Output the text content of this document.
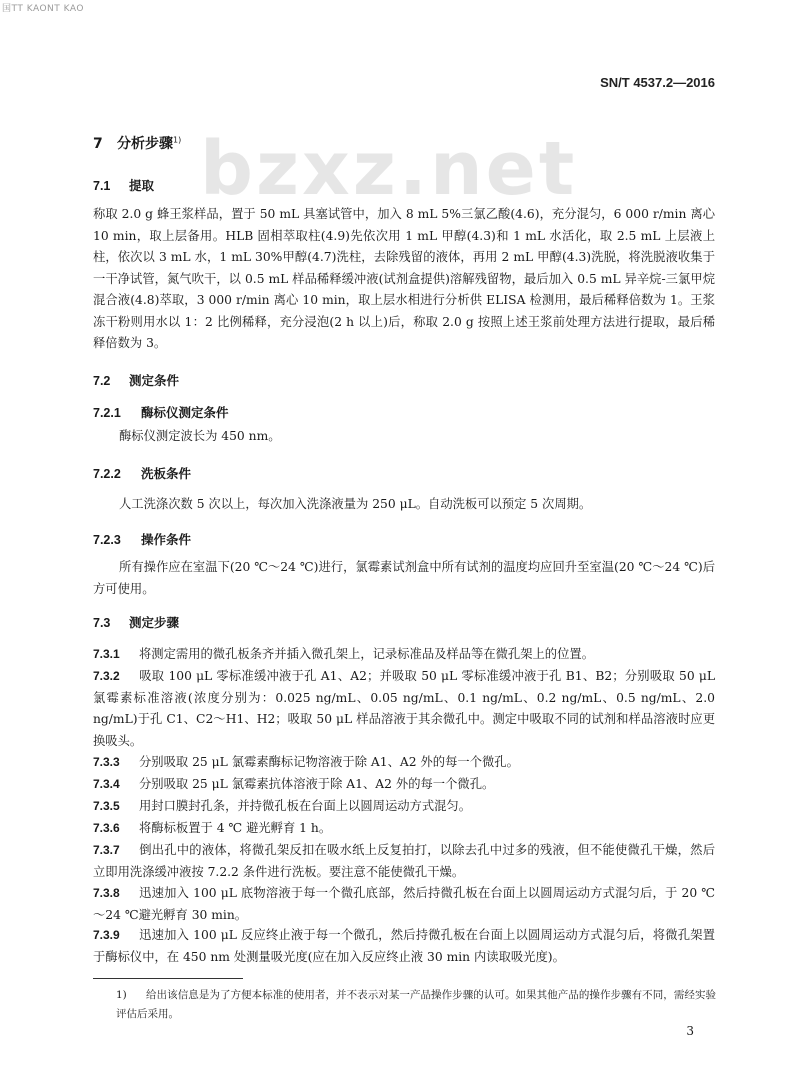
国TT KAONT KAO
SN/T 4537.2—2016
bzxz.net
7 分析步骤$^{1)}$
7.1 提取
称取 2.0 g 蜂王浆样品，置于 50 mL 具塞试管中，加入 8 mL 5%三氯乙酸(4.6)，充分混匀，6 000 r/min 离心 10 min，取上层备用。HLB 固相萃取柱(4.9)先依次用 1 mL 甲醇(4.3)和 1 mL 水活化，取 2.5 mL 上层液上柱，依次以 3 mL 水，1 mL 30%甲醇(4.7)洗柱，去除残留的液体，再用 2 mL 甲醇(4.3)洗脱，将洗脱液收集于一干净试管，氮气吹干，以 0.5 mL 样品稀释缓冲液(试剂盒提供)溶解残留物，最后加入 0.5 mL 异辛烷-三氯甲烷混合液(4.8)萃取，3 000 r/min 离心 10 min，取上层水相进行分析供 ELISA 检测用，最后稀释倍数为 1。王浆冻干粉则用水以 1：2 比例稀释，充分浸泡(2 h 以上)后，称取 2.0 g 按照上述王浆前处理方法进行提取，最后稀释倍数为 3。
7.2 测定条件
7.2.1 酶标仪测定条件
酶标仪测定波长为 450 nm。
7.2.2 洗板条件
人工洗涤次数 5 次以上，每次加入洗涤液量为 250 μL。自动洗板可以预定 5 次周期。
7.2.3 操作条件
所有操作应在室温下(20 ℃～24 ℃)进行，氯霉素试剂盒中所有试剂的温度均应回升至室温(20 ℃～24 ℃)后方可使用。
7.3 测定步骤
7.3.1 将测定需用的微孔板条齐并插入微孔架上，记录标准品及样品等在微孔架上的位置。
7.3.2 吸取 100 μL 零标准缓冲液于孔 A1、A2；并吸取 50 μL 零标准缓冲液于孔 B1、B2；分别吸取 50 μL 氯霉素标准溶液(浓度分别为：0.025 ng/mL、0.05 ng/mL、0.1 ng/mL、0.2 ng/mL、0.5 ng/mL、2.0 ng/mL)于孔 C1、C2～H1、H2；吸取 50 μL 样品溶液于其余微孔中。测定中吸取不同的试剂和样品溶液时应更换吸头。
7.3.3 分别吸取 25 μL 氯霉素酶标记物溶液于除 A1、A2 外的每一个微孔。
7.3.4 分别吸取 25 μL 氯霉素抗体溶液于除 A1、A2 外的每一个微孔。
7.3.5 用封口膜封孔条，并持微孔板在台面上以圆周运动方式混匀。
7.3.6 将酶标板置于 4 ℃ 避光孵育 1 h。
7.3.7 倒出孔中的液体，将微孔架反扣在吸水纸上反复拍打，以除去孔中过多的残液，但不能使微孔干燥，然后立即用洗涤缓冲液按 7.2.2 条件进行洗板。要注意不能使微孔干燥。
7.3.8 迅速加入 100 μL 底物溶液于每一个微孔底部，然后持微孔板在台面上以圆周运动方式混匀后，于 20 ℃～24 ℃避光孵育 30 min。
7.3.9 迅速加入 100 μL 反应终止液于每一个微孔，然后持微孔板在台面上以圆周运动方式混匀后，将微孔架置于酶标仪中，在 450 nm 处测量吸光度(应在加入反应终止液 30 min 内读取吸光度)。
1) 给出该信息是为了方便本标准的使用者，并不表示对某一产品操作步骤的认可。如果其他产品的操作步骤有不同，需经实验评估后采用。
3
